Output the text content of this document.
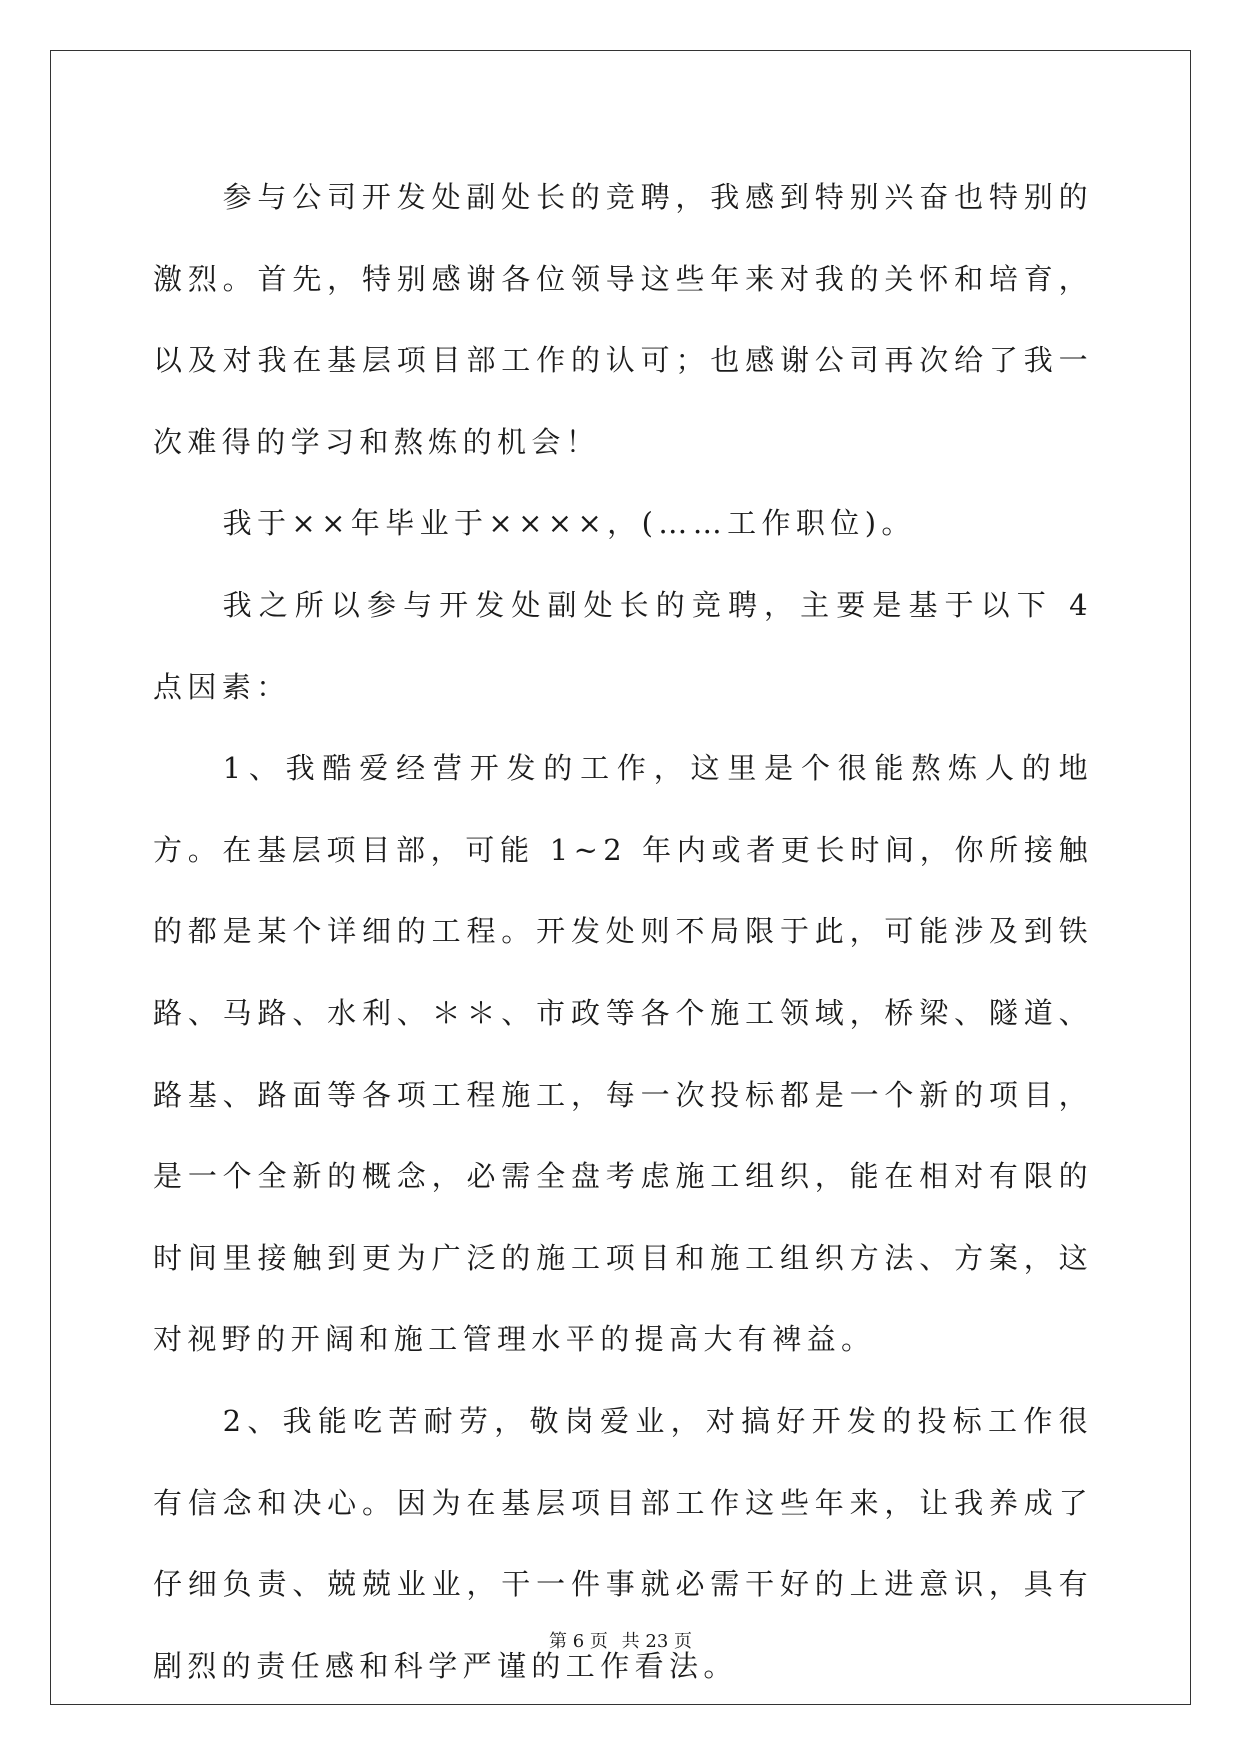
参与公司开发处副处长的竞聘，我感到特别兴奋也特别的激烈。首先，特别感谢各位领导这些年来对我的关怀和培育，以及对我在基层项目部工作的认可；也感谢公司再次给了我一次难得的学习和熬炼的机会！

我于××年毕业于××××，(……工作职位)。

我之所以参与开发处副处长的竞聘，主要是基于以下 4 点因素：

1、我酷爱经营开发的工作，这里是个很能熬炼人的地方。在基层项目部，可能 1~2 年内或者更长时间，你所接触的都是某个详细的工程。开发处则不局限于此，可能涉及到铁路、马路、水利、＊＊、市政等各个施工领域，桥梁、隧道、路基、路面等各项工程施工，每一次投标都是一个新的项目，是一个全新的概念，必需全盘考虑施工组织，能在相对有限的时间里接触到更为广泛的施工项目和施工组织方法、方案，这对视野的开阔和施工管理水平的提高大有裨益。

2、我能吃苦耐劳，敬岗爱业，对搞好开发的投标工作很有信念和决心。因为在基层项目部工作这些年来，让我养成了仔细负责、兢兢业业，干一件事就必需干好的上进意识，具有剧烈的责任感和科学严谨的工作看法。

第 6 页 共 23 页
